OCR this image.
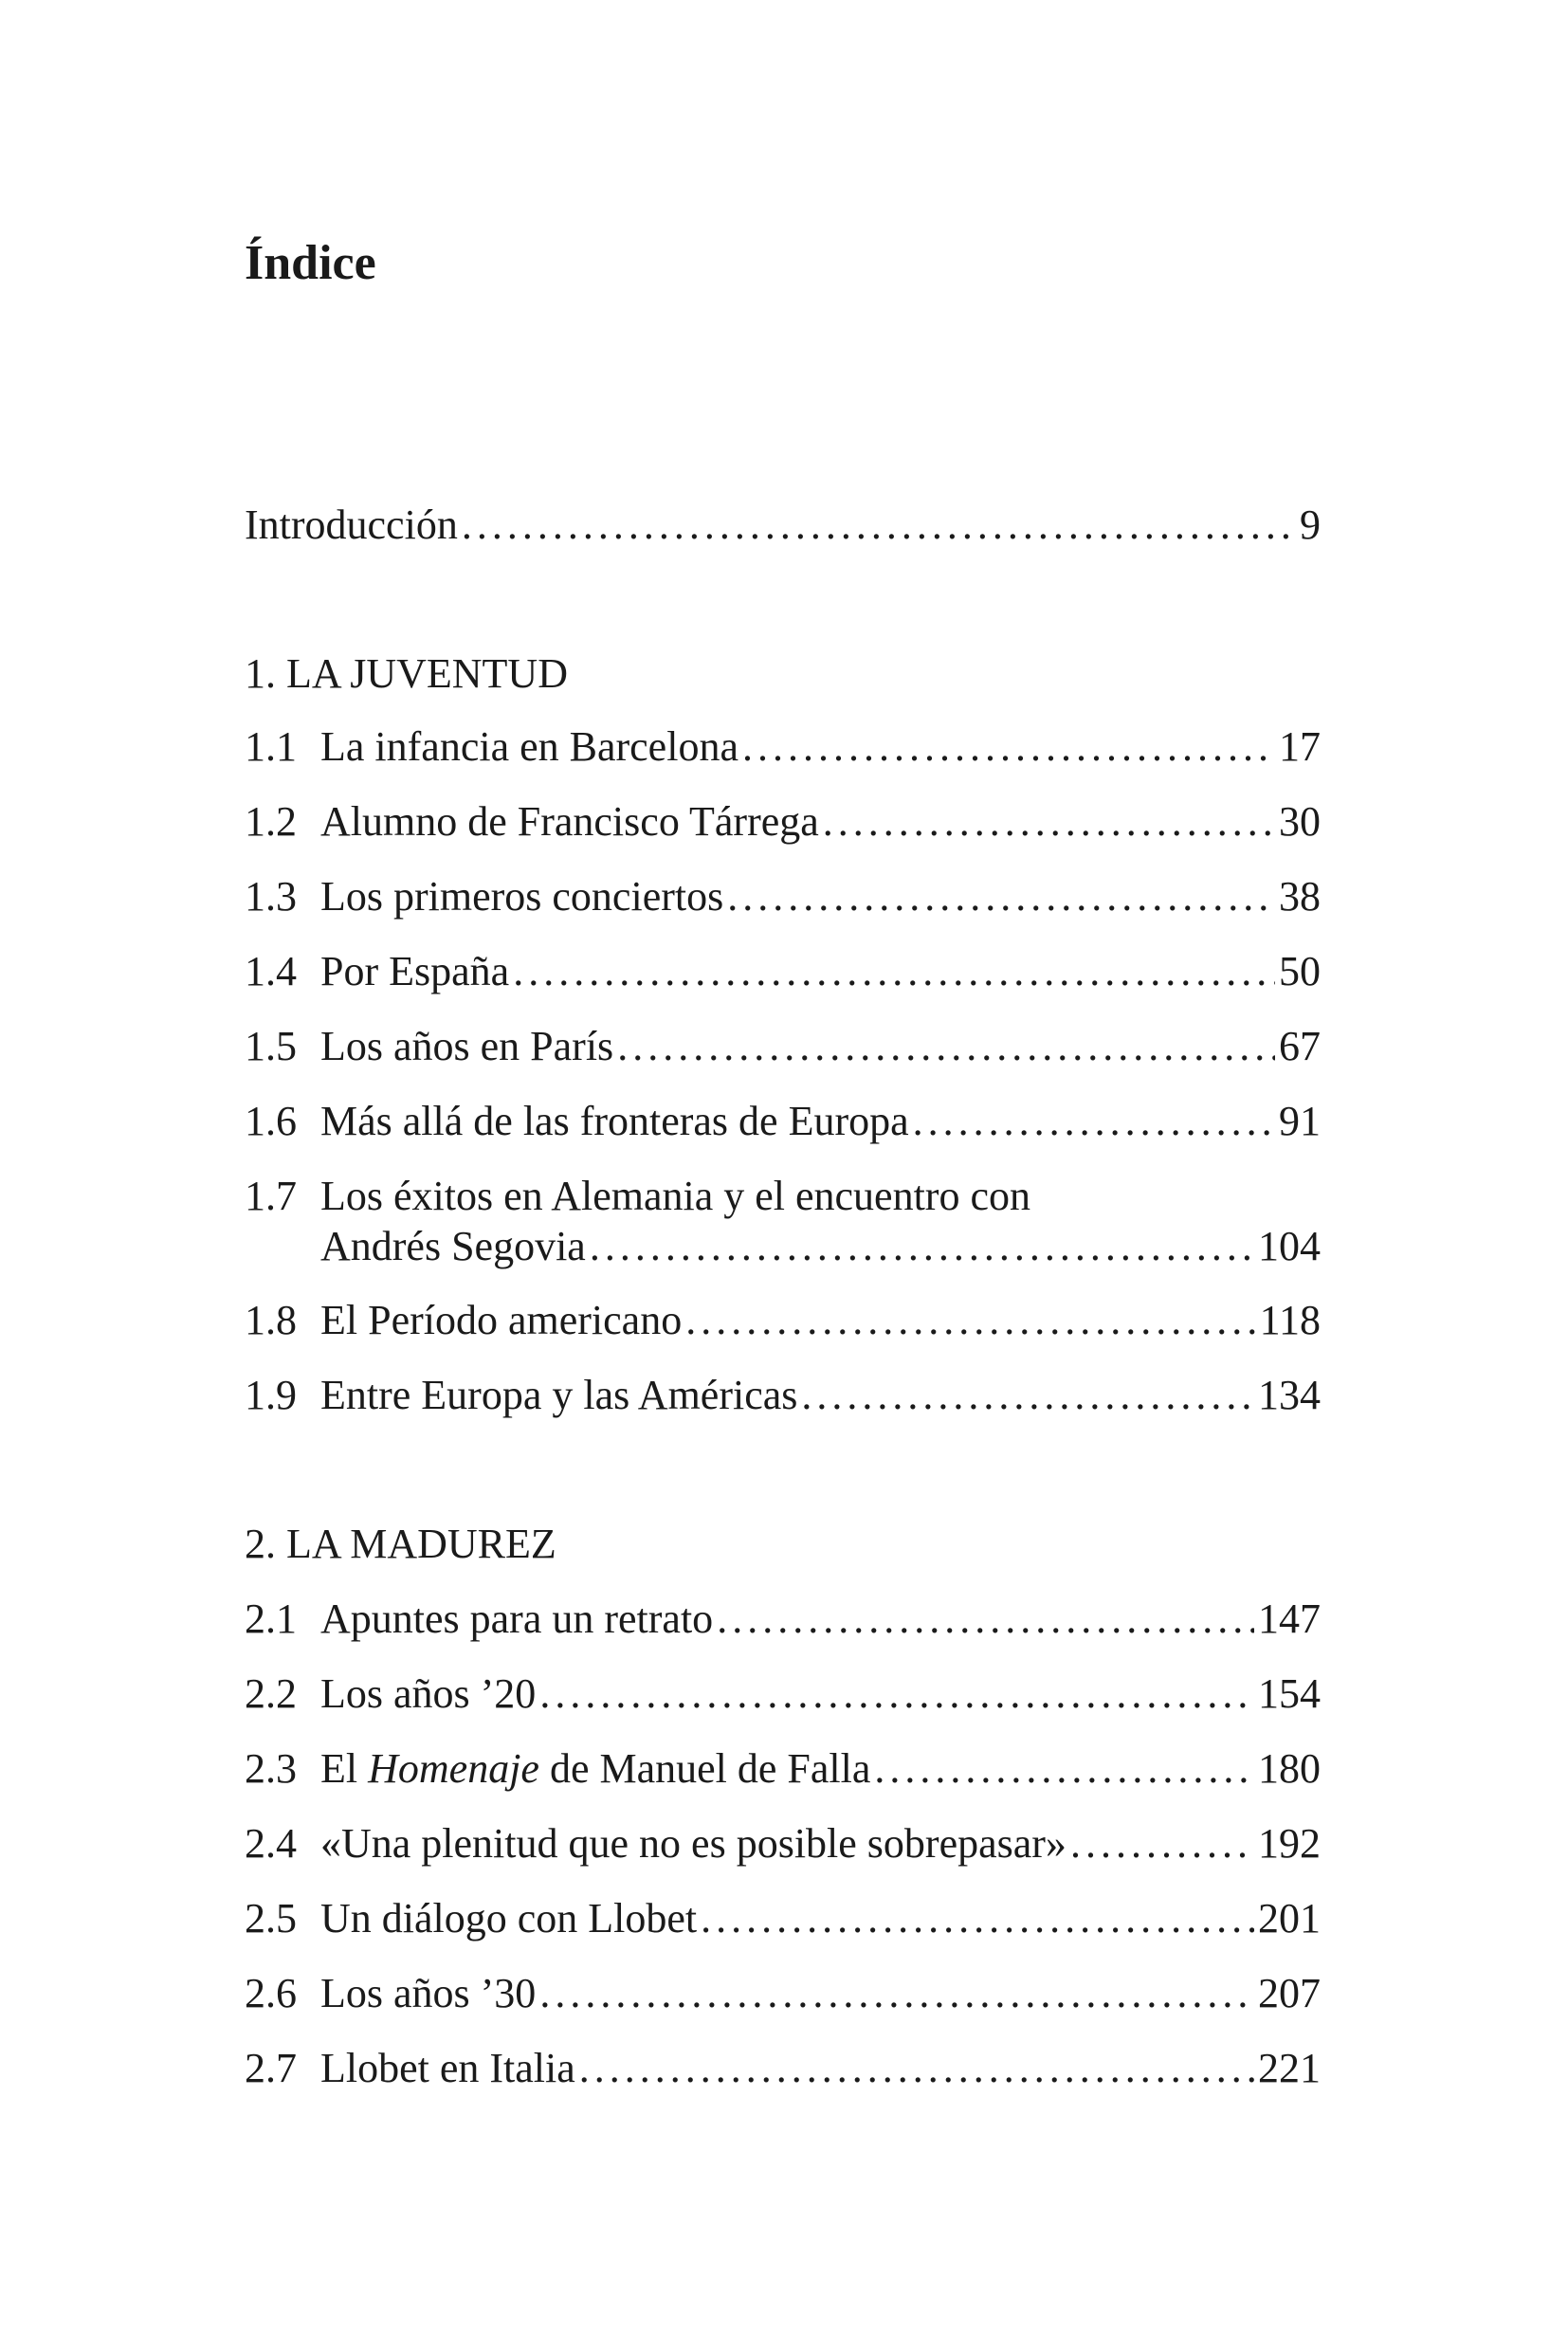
Índice
Introducción . . .	9
1. LA JUVENTUD
1.1 La infancia en Barcelona . . .	17
1.2 Alumno de Francisco Tárrega . . .	30
1.3 Los primeros conciertos . . .	38
1.4 Por España . . .	50
1.5 Los años en París . . .	67
1.6 Más allá de las fronteras de Europa . . .	91
1.7 Los éxitos en Alemania y el encuentro con
Andrés Segovia . . .	104
1.8 El Período americano . . .	118
1.9 Entre Europa y las Américas . . .	134
2. LA MADUREZ
2.1 Apuntes para un retrato . . .	147
2.2 Los años ’20 . . .	154
2.3 El Homenaje de Manuel de Falla . . .	180
2.4 «Una plenitud que no es posible sobrepasar» . . .	192
2.5 Un diálogo con Llobet . . .	201
2.6 Los años ’30 . . .	207
2.7 Llobet en Italia . . .	221
